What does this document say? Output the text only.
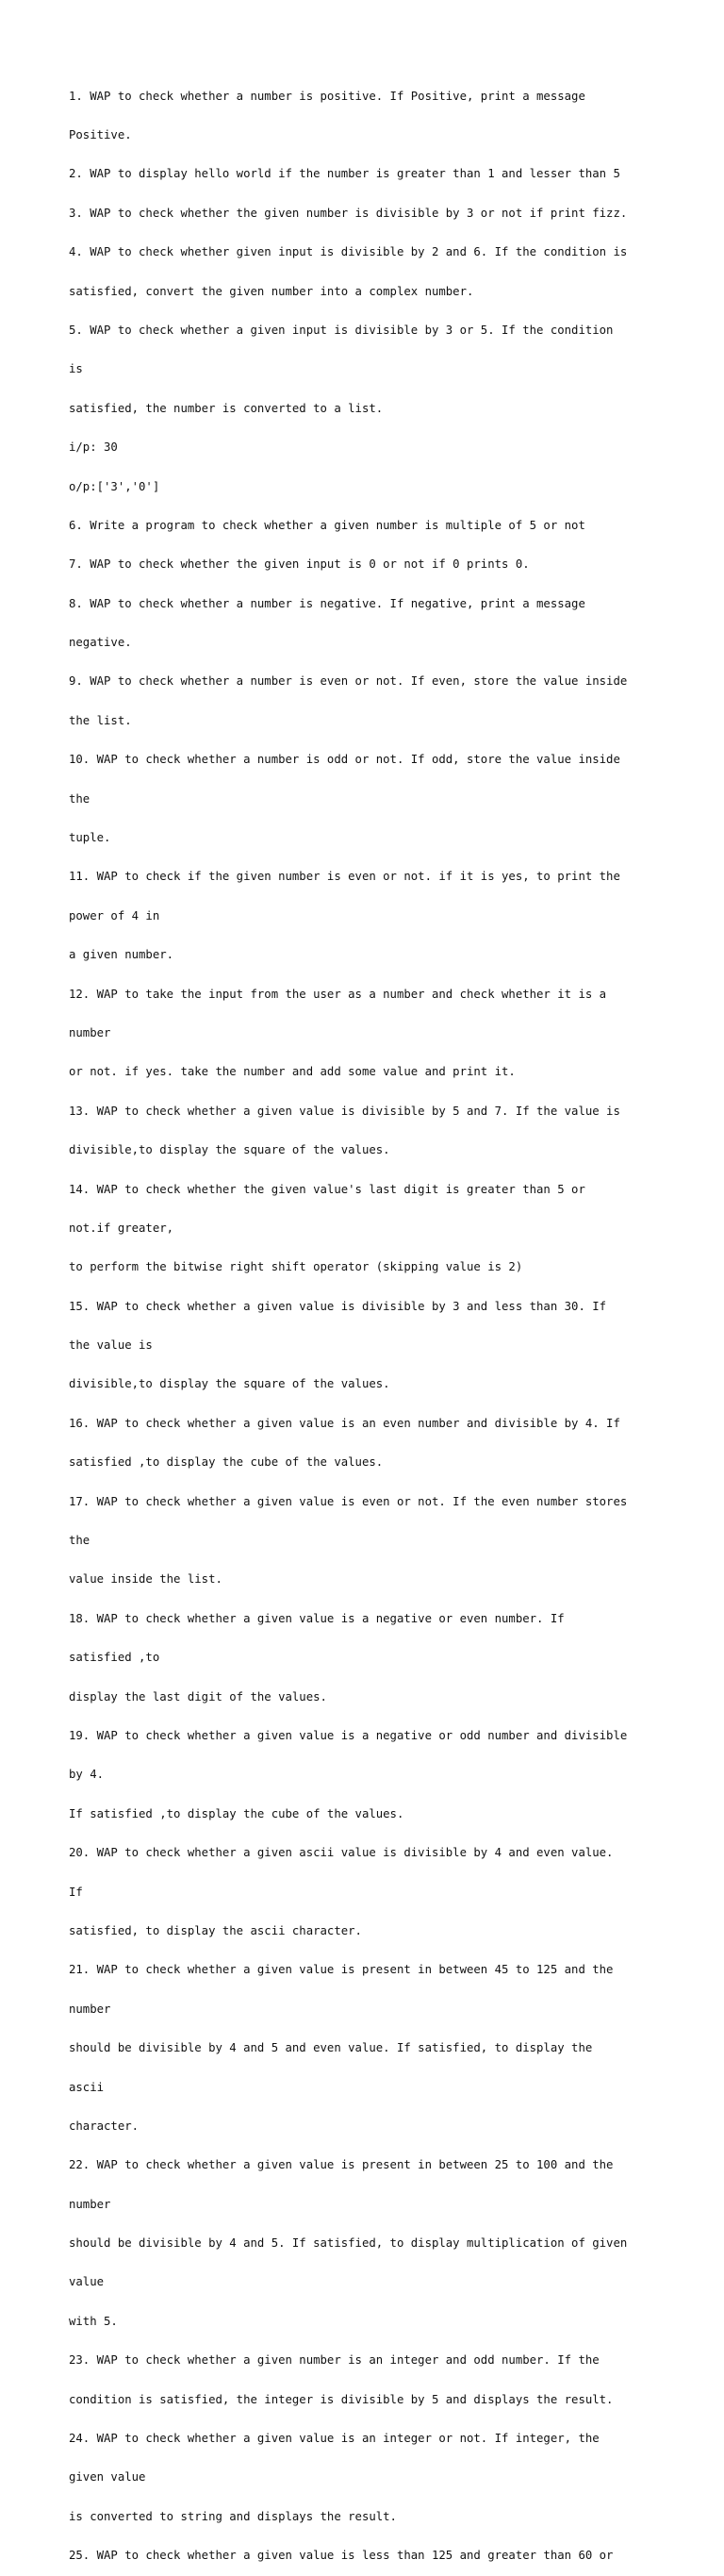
1. WAP to check whether a number is positive. If Positive, print a message

Positive.

2. WAP to display hello world if the number is greater than 1 and lesser than 5

3. WAP to check whether the given number is divisible by 3 or not if print fizz.

4. WAP to check whether given input is divisible by 2 and 6. If the condition is

satisfied, convert the given number into a complex number.

5. WAP to check whether a given input is divisible by 3 or 5. If the condition

is

satisfied, the number is converted to a list.

i/p: 30

o/p:['3','0']

6. Write a program to check whether a given number is multiple of 5 or not

7. WAP to check whether the given input is 0 or not if 0 prints 0.

8. WAP to check whether a number is negative. If negative, print a message

negative.

9. WAP to check whether a number is even or not. If even, store the value inside

the list.

10. WAP to check whether a number is odd or not. If odd, store the value inside

the

tuple.

11. WAP to check if the given number is even or not. if it is yes, to print the

power of 4 in

a given number.

12. WAP to take the input from the user as a number and check whether it is a

number

or not. if yes. take the number and add some value and print it.

13. WAP to check whether a given value is divisible by 5 and 7. If the value is

divisible,to display the square of the values.

14. WAP to check whether the given value's last digit is greater than 5 or

not.if greater,

to perform the bitwise right shift operator (skipping value is 2)

15. WAP to check whether a given value is divisible by 3 and less than 30. If

the value is

divisible,to display the square of the values.

16. WAP to check whether a given value is an even number and divisible by 4. If

satisfied ,to display the cube of the values.

17. WAP to check whether a given value is even or not. If the even number stores

the

value inside the list.

18. WAP to check whether a given value is a negative or even number. If

satisfied ,to

display the last digit of the values.

19. WAP to check whether a given value is a negative or odd number and divisible

by 4.

If satisfied ,to display the cube of the values.

20. WAP to check whether a given ascii value is divisible by 4 and even value.

If

satisfied, to display the ascii character.

21. WAP to check whether a given value is present in between 45 to 125 and the

number

should be divisible by 4 and 5 and even value. If satisfied, to display the

ascii

character.

22. WAP to check whether a given value is present in between 25 to 100 and the

number

should be divisible by 4 and 5. If satisfied, to display multiplication of given

value

with 5.

23. WAP to check whether a given number is an integer and odd number. If the

condition is satisfied, the integer is divisible by 5 and displays the result.

24. WAP to check whether a given value is an integer or not. If integer, the

given value

is converted to string and displays the result.

25. WAP to check whether a given value is less than 125 and greater than 60 or
